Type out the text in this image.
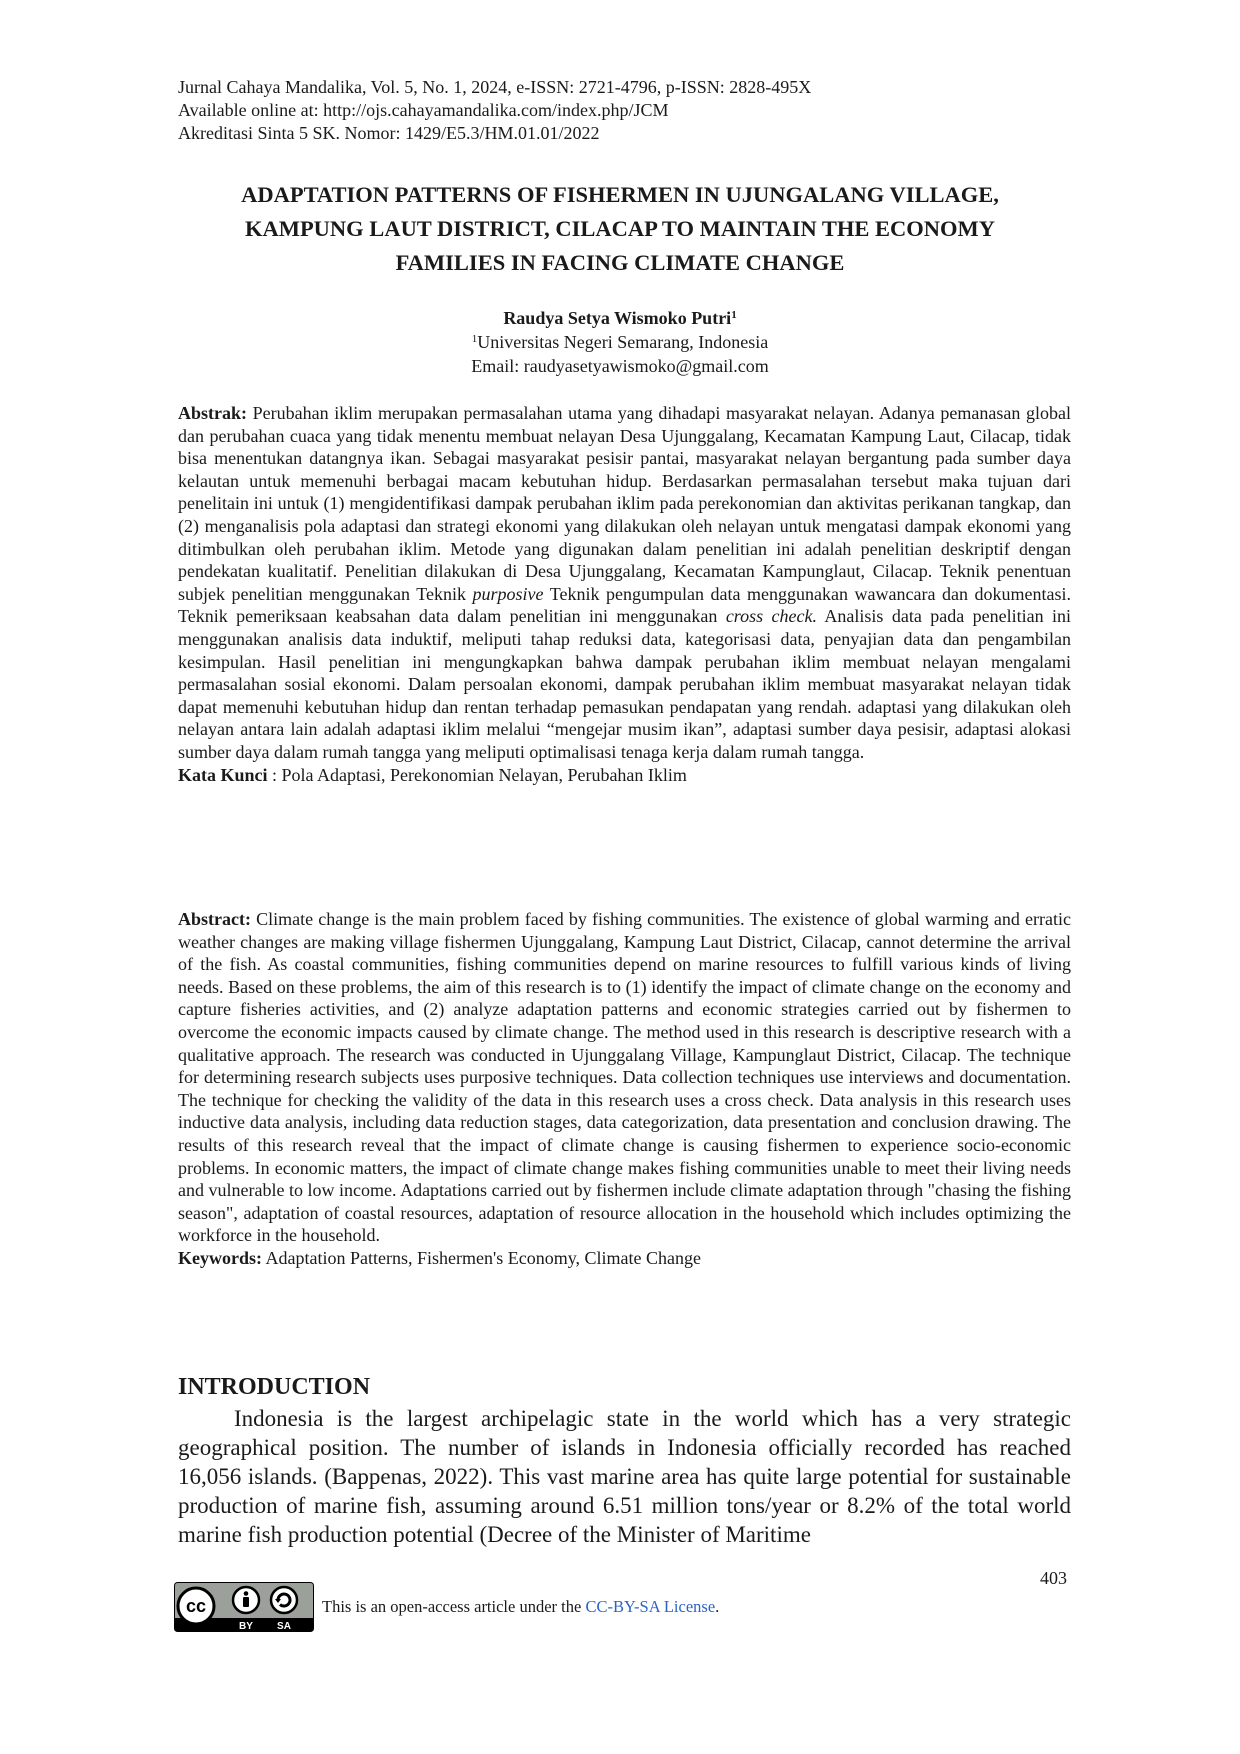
Jurnal Cahaya Mandalika, Vol. 5, No. 1, 2024, e-ISSN: 2721-4796, p-ISSN: 2828-495X
Available online at: http://ojs.cahayamandalika.com/index.php/JCM
Akreditasi Sinta 5 SK. Nomor: 1429/E5.3/HM.01.01/2022
ADAPTATION PATTERNS OF FISHERMEN IN UJUNGALANG VILLAGE,
KAMPUNG LAUT DISTRICT, CILACAP TO MAINTAIN THE ECONOMY
FAMILIES IN FACING CLIMATE CHANGE
Raudya Setya Wismoko Putri$^1$
$^1$Universitas Negeri Semarang, Indonesia
Email: raudyasetyawismoko@gmail.com
Abstrak: Perubahan iklim merupakan permasalahan utama yang dihadapi masyarakat nelayan. Adanya pemanasan global dan perubahan cuaca yang tidak menentu membuat nelayan Desa Ujunggalang, Kecamatan Kampung Laut, Cilacap, tidak bisa menentukan datangnya ikan. Sebagai masyarakat pesisir pantai, masyarakat nelayan bergantung pada sumber daya kelautan untuk memenuhi berbagai macam kebutuhan hidup. Berdasarkan permasalahan tersebut maka tujuan dari penelitain ini untuk (1) mengidentifikasi dampak perubahan iklim pada perekonomian dan aktivitas perikanan tangkap, dan (2) menganalisis pola adaptasi dan strategi ekonomi yang dilakukan oleh nelayan untuk mengatasi dampak ekonomi yang ditimbulkan oleh perubahan iklim. Metode yang digunakan dalam penelitian ini adalah penelitian deskriptif dengan pendekatan kualitatif. Penelitian dilakukan di Desa Ujunggalang, Kecamatan Kampunglaut, Cilacap. Teknik penentuan subjek penelitian menggunakan Teknik purposive Teknik pengumpulan data menggunakan wawancara dan dokumentasi. Teknik pemeriksaan keabsahan data dalam penelitian ini menggunakan cross check. Analisis data pada penelitian ini menggunakan analisis data induktif, meliputi tahap reduksi data, kategorisasi data, penyajian data dan pengambilan kesimpulan. Hasil penelitian ini mengungkapkan bahwa dampak perubahan iklim membuat nelayan mengalami permasalahan sosial ekonomi. Dalam persoalan ekonomi, dampak perubahan iklim membuat masyarakat nelayan tidak dapat memenuhi kebutuhan hidup dan rentan terhadap pemasukan pendapatan yang rendah. adaptasi yang dilakukan oleh nelayan antara lain adalah adaptasi iklim melalui “mengejar musim ikan”, adaptasi sumber daya pesisir, adaptasi alokasi sumber daya dalam rumah tangga yang meliputi optimalisasi tenaga kerja dalam rumah tangga.
Kata Kunci : Pola Adaptasi, Perekonomian Nelayan, Perubahan Iklim
Abstract: Climate change is the main problem faced by fishing communities. The existence of global warming and erratic weather changes are making village fishermen Ujunggalang, Kampung Laut District, Cilacap, cannot determine the arrival of the fish. As coastal communities, fishing communities depend on marine resources to fulfill various kinds of living needs. Based on these problems, the aim of this research is to (1) identify the impact of climate change on the economy and capture fisheries activities, and (2) analyze adaptation patterns and economic strategies carried out by fishermen to overcome the economic impacts caused by climate change. The method used in this research is descriptive research with a qualitative approach. The research was conducted in Ujunggalang Village, Kampunglaut District, Cilacap. The technique for determining research subjects uses purposive techniques. Data collection techniques use interviews and documentation. The technique for checking the validity of the data in this research uses a cross check. Data analysis in this research uses inductive data analysis, including data reduction stages, data categorization, data presentation and conclusion drawing. The results of this research reveal that the impact of climate change is causing fishermen to experience socio-economic problems. In economic matters, the impact of climate change makes fishing communities unable to meet their living needs and vulnerable to low income. Adaptations carried out by fishermen include climate adaptation through "chasing the fishing season", adaptation of coastal resources, adaptation of resource allocation in the household which includes optimizing the workforce in the household.
Keywords: Adaptation Patterns, Fishermen's Economy, Climate Change
INTRODUCTION
Indonesia is the largest archipelagic state in the world which has a very strategic geographical position. The number of islands in Indonesia officially recorded has reached 16,056 islands. (Bappenas, 2022). This vast marine area has quite large potential for sustainable production of marine fish, assuming around 6.51 million tons/year or 8.2% of the total world marine fish production potential (Decree of the Minister of Maritime
403
cc
BY SA
This is an open-access article under the CC-BY-SA License.
